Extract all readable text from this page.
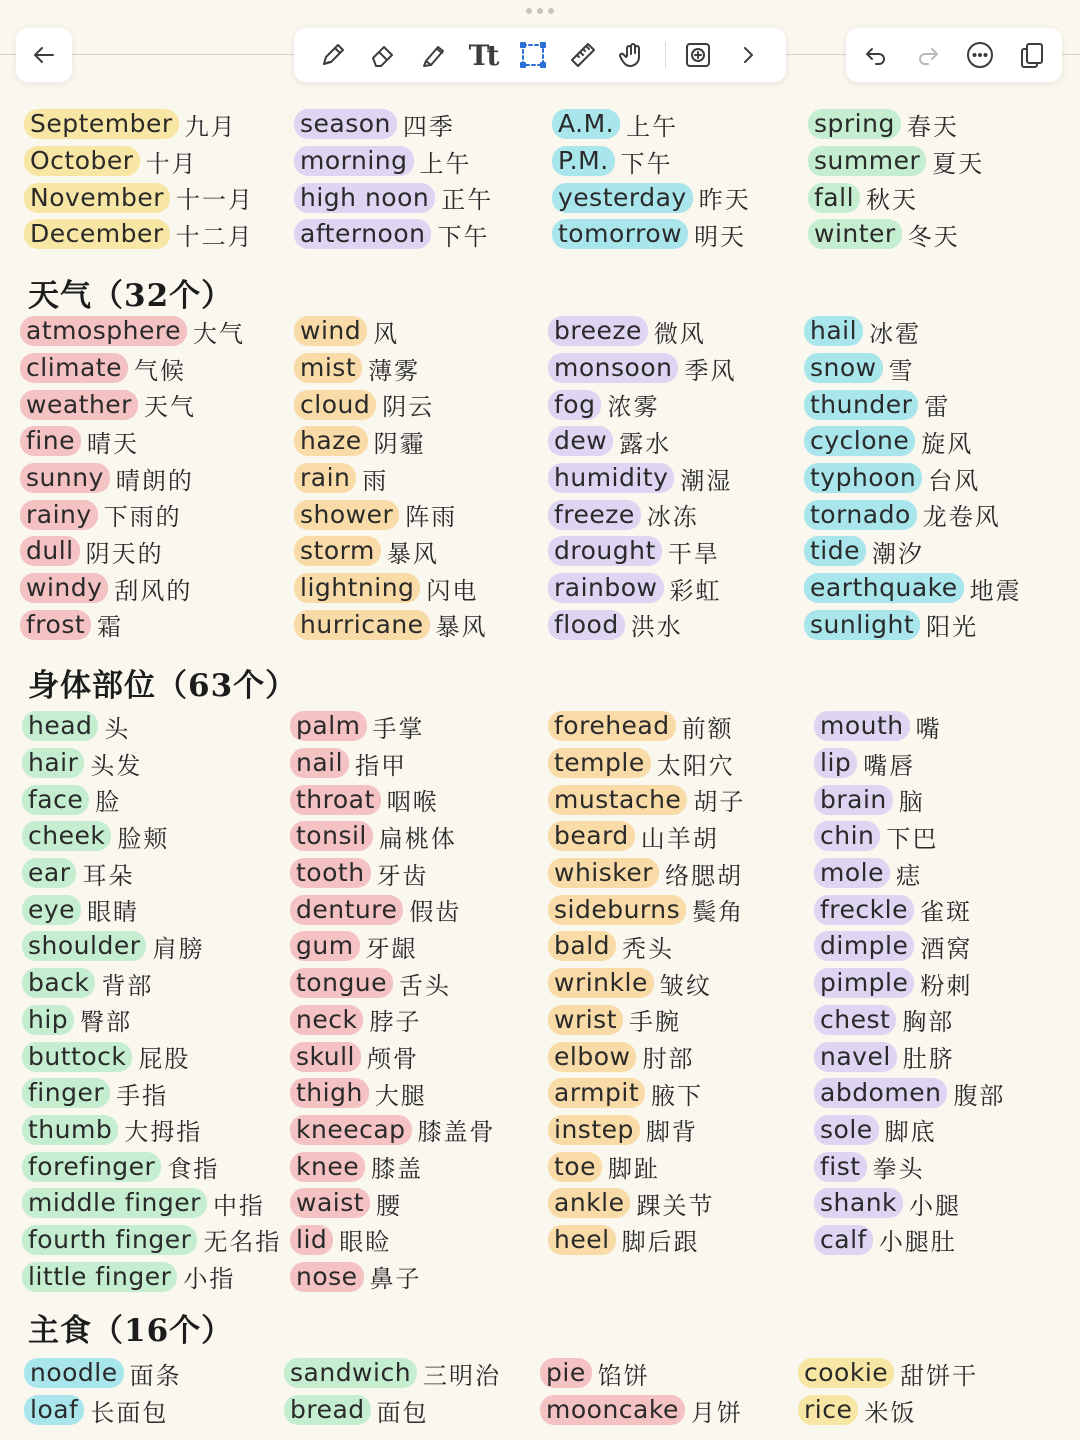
Tt
September 九月
October 十月
November 十一月
December 十二月
season 四季
morning 上午
high noon 正午
afternoon 下午
A.M. 上午
P.M. 下午
yesterday 昨天
tomorrow 明天
spring 春天
summer 夏天
fall 秋天
winter 冬天
天气（32个）
atmosphere 大气
climate 气候
weather 天气
fine 晴天
sunny 晴朗的
rainy 下雨的
dull 阴天的
windy 刮风的
frost 霜
wind 风
mist 薄雾
cloud 阴云
haze 阴霾
rain 雨
shower 阵雨
storm 暴风
lightning 闪电
hurricane 暴风
breeze 微风
monsoon 季风
fog 浓雾
dew 露水
humidity 潮湿
freeze 冰冻
drought 干旱
rainbow 彩虹
flood 洪水
hail 冰雹
snow 雪
thunder 雷
cyclone 旋风
typhoon 台风
tornado 龙卷风
tide 潮汐
earthquake 地震
sunlight 阳光
身体部位（63个）
head 头
hair 头发
face 脸
cheek 脸颊
ear 耳朵
eye 眼睛
shoulder 肩膀
back 背部
hip 臀部
buttock 屁股
finger 手指
thumb 大拇指
forefinger 食指
middle finger 中指
fourth finger 无名指
little finger 小指
palm 手掌
nail 指甲
throat 咽喉
tonsil 扁桃体
tooth 牙齿
denture 假齿
gum 牙龈
tongue 舌头
neck 脖子
skull 颅骨
thigh 大腿
kneecap 膝盖骨
knee 膝盖
waist 腰
lid 眼睑
nose 鼻子
forehead 前额
temple 太阳穴
mustache 胡子
beard 山羊胡
whisker 络腮胡
sideburns 鬓角
bald 秃头
wrinkle 皱纹
wrist 手腕
elbow 肘部
armpit 腋下
instep 脚背
toe 脚趾
ankle 踝关节
heel 脚后跟
mouth 嘴
lip 嘴唇
brain 脑
chin 下巴
mole 痣
freckle 雀斑
dimple 酒窝
pimple 粉刺
chest 胸部
navel 肚脐
abdomen 腹部
sole 脚底
fist 拳头
shank 小腿
calf 小腿肚
主食（16个）
noodle 面条
loaf 长面包
sandwich 三明治
bread 面包
pie 馅饼
mooncake 月饼
cookie 甜饼干
rice 米饭
